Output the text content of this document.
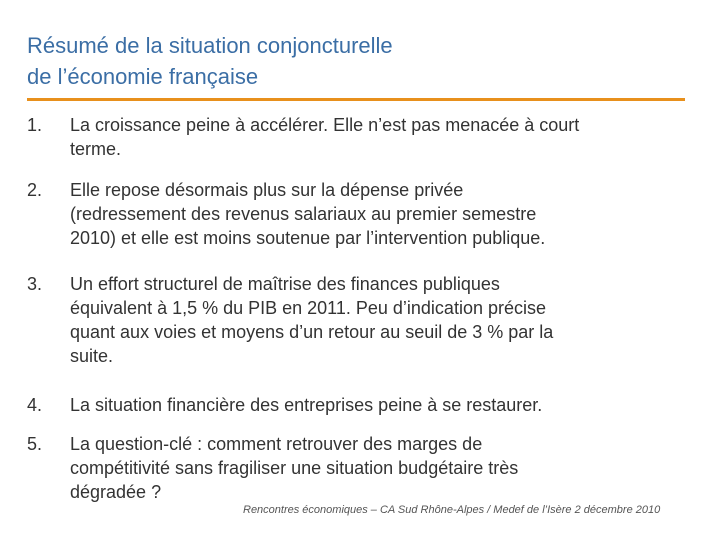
Résumé de la situation conjoncturelle
de l’économie française
1.	La croissance peine à accélérer. Elle n’est pas menacée à court
terme.
2.	Elle repose désormais plus sur la dépense privée
(redressement des revenus salariaux au premier semestre
2010) et elle est moins soutenue par l’intervention publique.
3.	Un effort structurel de maîtrise des finances publiques
équivalent à 1,5 % du PIB en 2011. Peu d’indication précise
quant aux voies et moyens d’un retour au seuil de 3 % par la
suite.
4.	La situation financière des entreprises peine à se restaurer.
5.	La question-clé : comment retrouver des marges de
compétitivité sans fragiliser une situation budgétaire très
dégradée ?
Rencontres économiques – CA Sud Rhône-Alpes / Medef de l’Isère 2 décembre 2010
